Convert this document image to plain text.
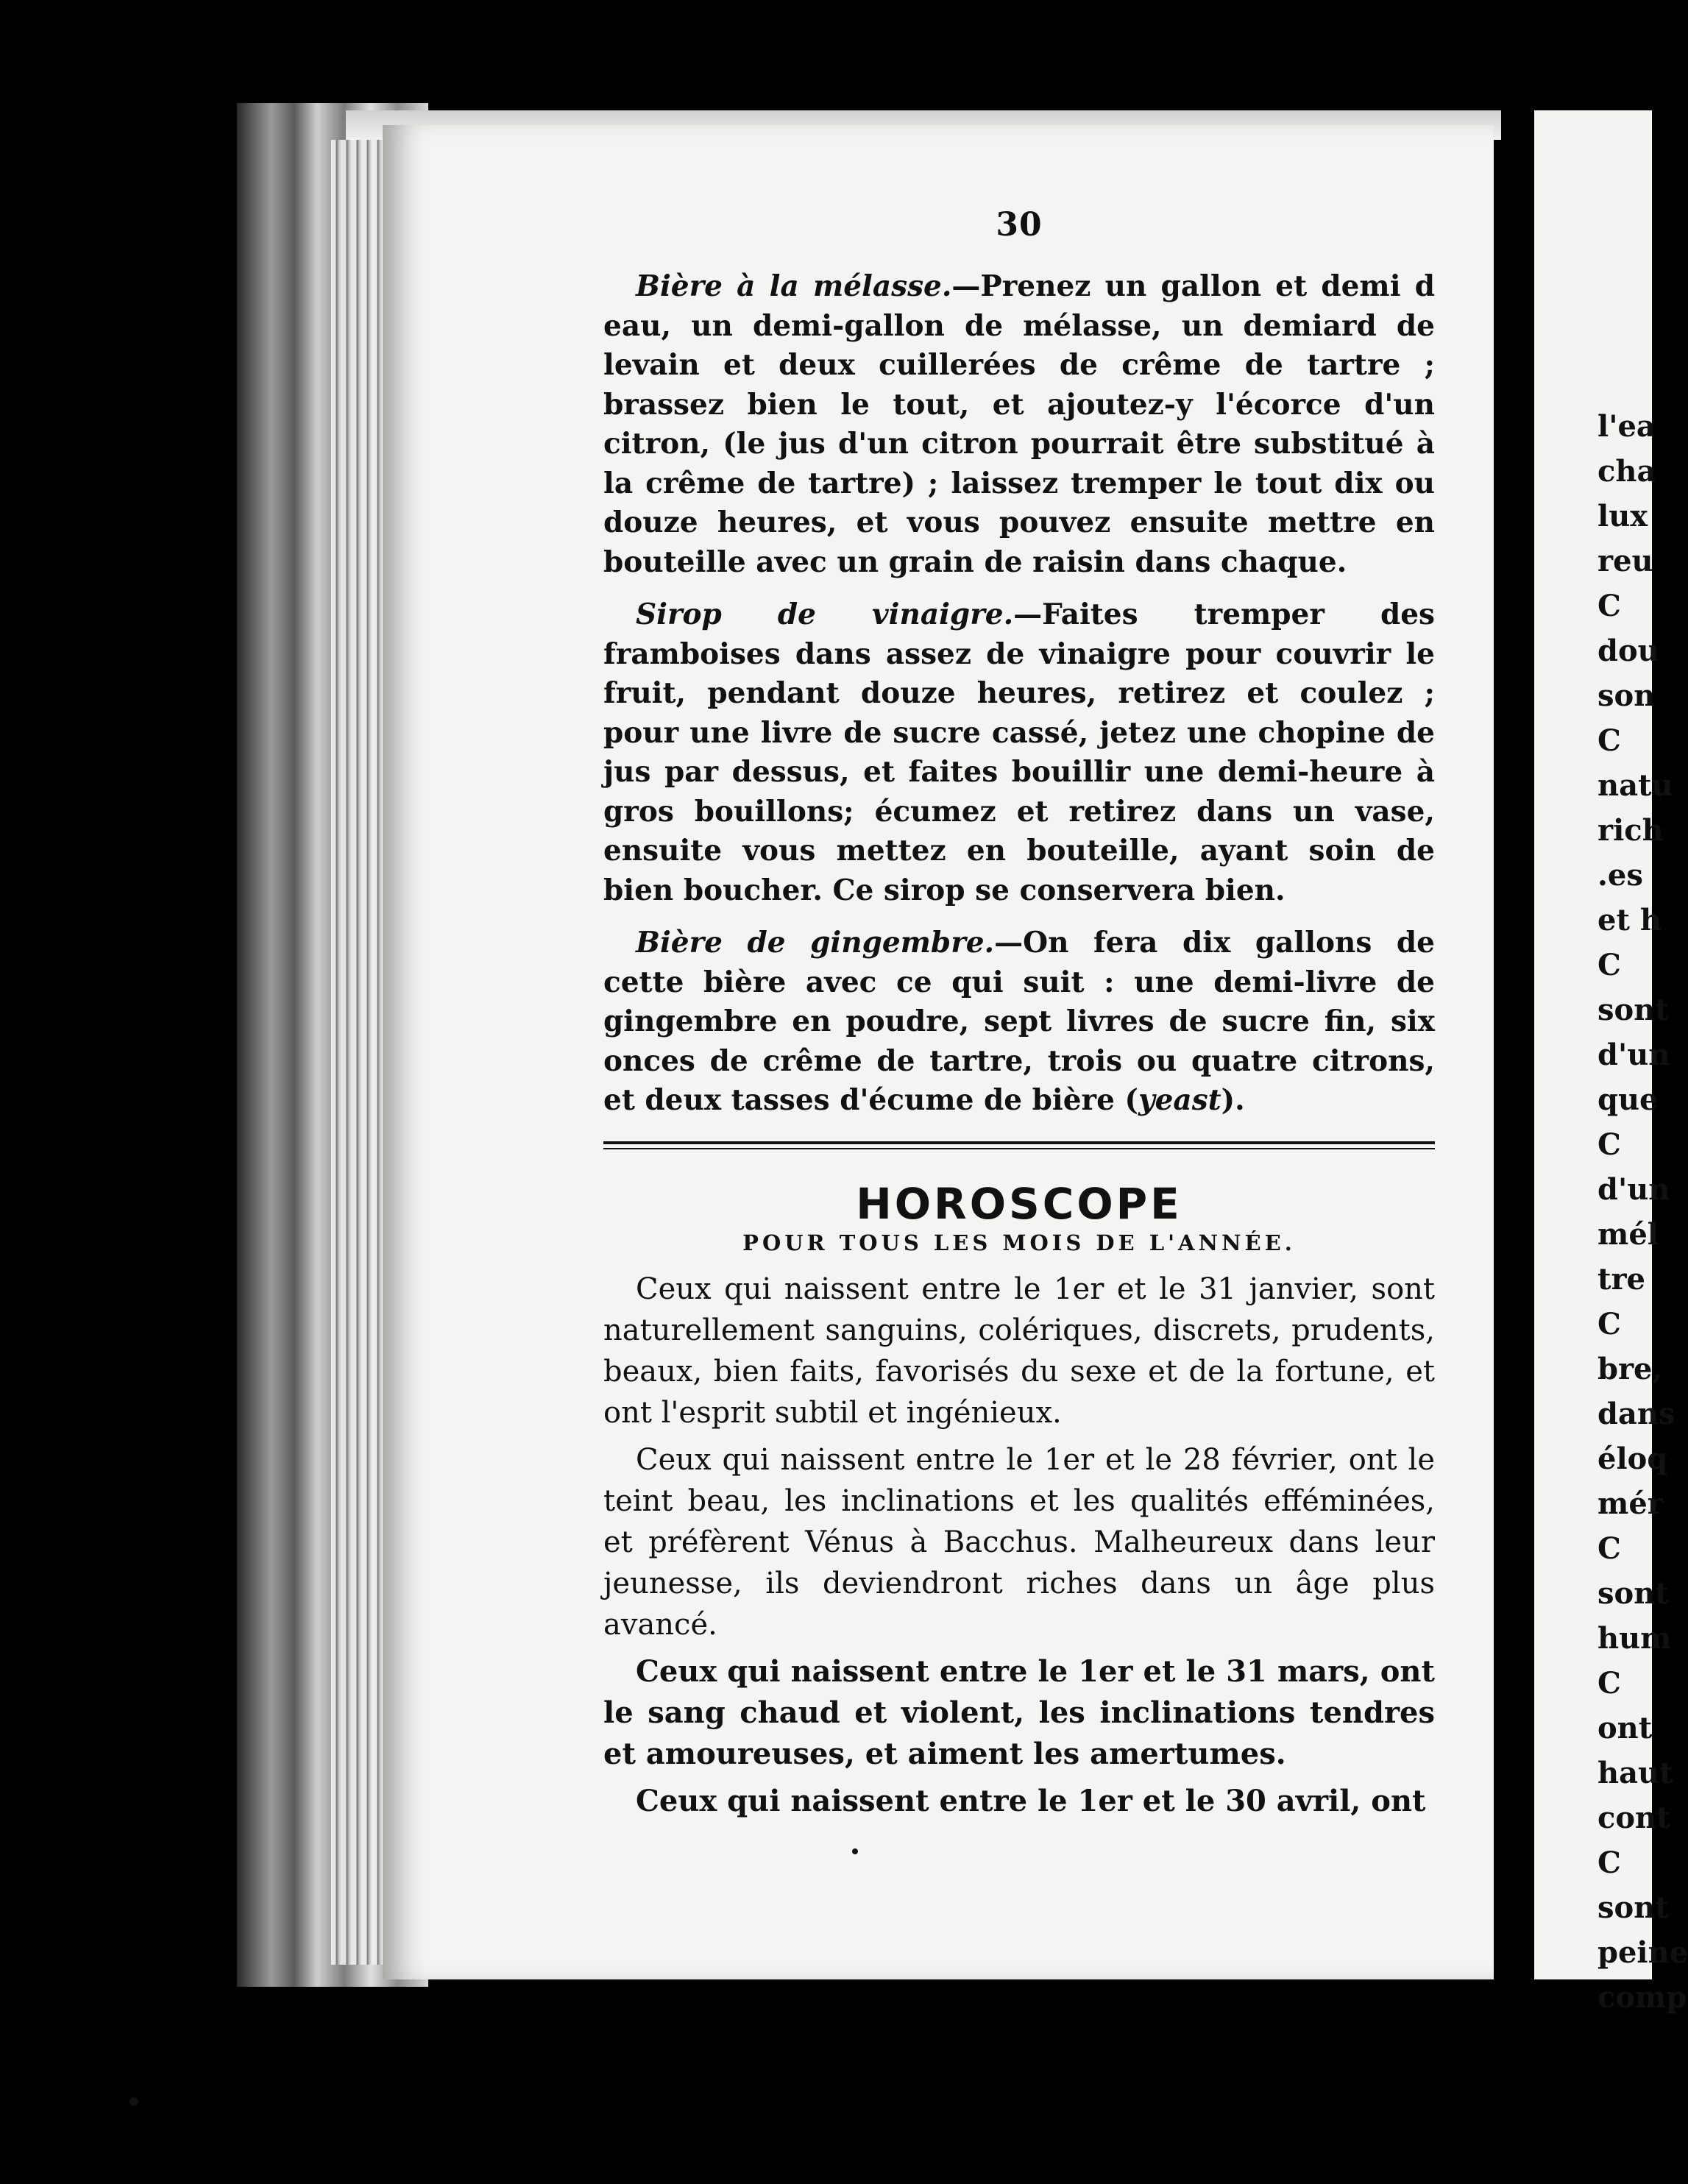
l'ea
cha
lux
reu
C
dou
son
C
natu
rich
.es
et h
C
sont
d'un
que
C
d'un
mél
tre
C
bre,
dans
éloq
mér
C
sont
hum
C
ont
haut
cont
C
sont
peine
comp
30

Bière à la mélasse.—Prenez un gallon et demi d eau, un demi-gallon de mélasse, un demiard de levain et deux cuillerées de crême de tartre ; brassez bien le tout, et ajoutez-y l'écorce d'un citron, (le jus d'un citron pourrait être substitué à la crême de tartre) ; laissez tremper le tout dix ou douze heures, et vous pouvez ensuite mettre en bouteille avec un grain de raisin dans chaque.

Sirop de vinaigre.—Faites tremper des framboises dans assez de vinaigre pour couvrir le fruit, pendant douze heures, retirez et coulez ; pour une livre de sucre cassé, jetez une chopine de jus par dessus, et faites bouillir une demi-heure à gros bouillons; écumez et retirez dans un vase, ensuite vous mettez en bouteille, ayant soin de bien boucher. Ce sirop se conservera bien.

Bière de gingembre.—On fera dix gallons de cette bière avec ce qui suit : une demi-livre de gingembre en poudre, sept livres de sucre fin, six onces de crême de tartre, trois ou quatre citrons, et deux tasses d'écume de bière (yeast).

HOROSCOPE
POUR TOUS LES MOIS DE L'ANNÉE.

Ceux qui naissent entre le 1er et le 31 janvier, sont naturellement sanguins, colériques, discrets, prudents, beaux, bien faits, favorisés du sexe et de la fortune, et ont l'esprit subtil et ingénieux.

Ceux qui naissent entre le 1er et le 28 février, ont le teint beau, les inclinations et les qualités efféminées, et préfèrent Vénus à Bacchus. Malheureux dans leur jeunesse, ils deviendront riches dans un âge plus avancé.

Ceux qui naissent entre le 1er et le 31 mars, ont le sang chaud et violent, les inclinations tendres et amoureuses, et aiment les amertumes.

Ceux qui naissent entre le 1er et le 30 avril, ont
